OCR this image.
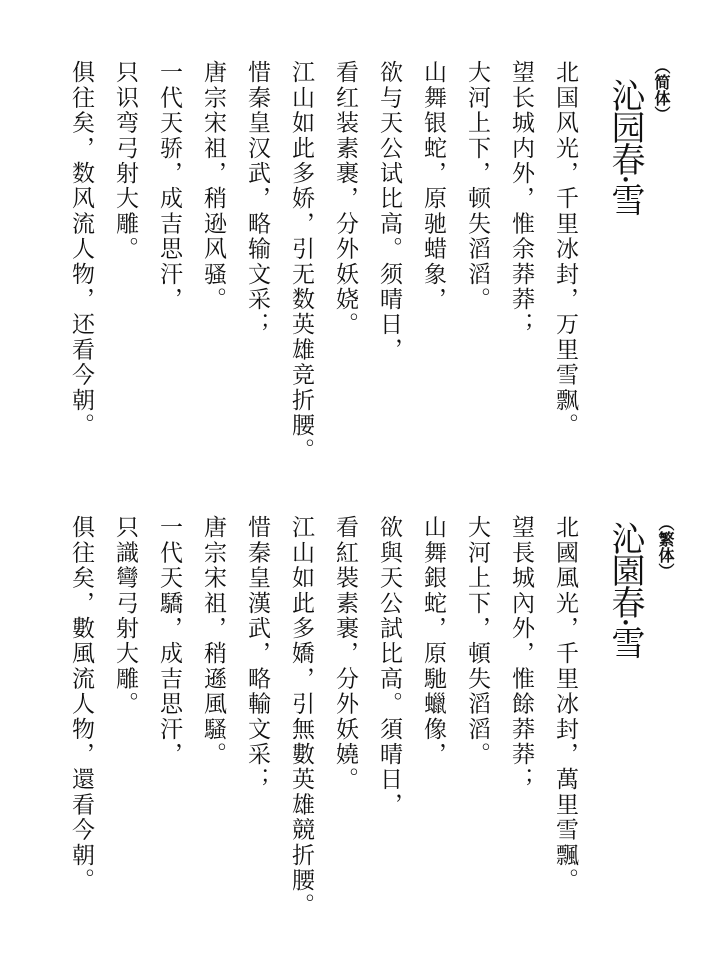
（简体）
沁园春·雪
北国风光，千里冰封，万里雪飘。
望长城内外，惟余莽莽；
大河上下，顿失滔滔。
山舞银蛇，原驰蜡象，
欲与天公试比高。须晴日，
看红装素裹，分外妖娆。
江山如此多娇，引无数英雄竞折腰。
惜秦皇汉武，略输文采；
唐宗宋祖，稍逊风骚。
一代天骄，成吉思汗，
只识弯弓射大雕。
俱往矣，数风流人物，还看今朝。
（繁体）
沁園春·雪
北國風光，千里冰封，萬里雪飄。
望長城內外，惟餘莽莽；
大河上下，頓失滔滔。
山舞銀蛇，原馳蠟像，
欲與天公試比高。須晴日，
看紅裝素裹，分外妖嬈。
江山如此多嬌，引無數英雄競折腰。
惜秦皇漢武，略輸文采；
唐宗宋祖，稍遜風騷。
一代天驕，成吉思汗，
只識彎弓射大雕。
俱往矣，數風流人物，還看今朝。
